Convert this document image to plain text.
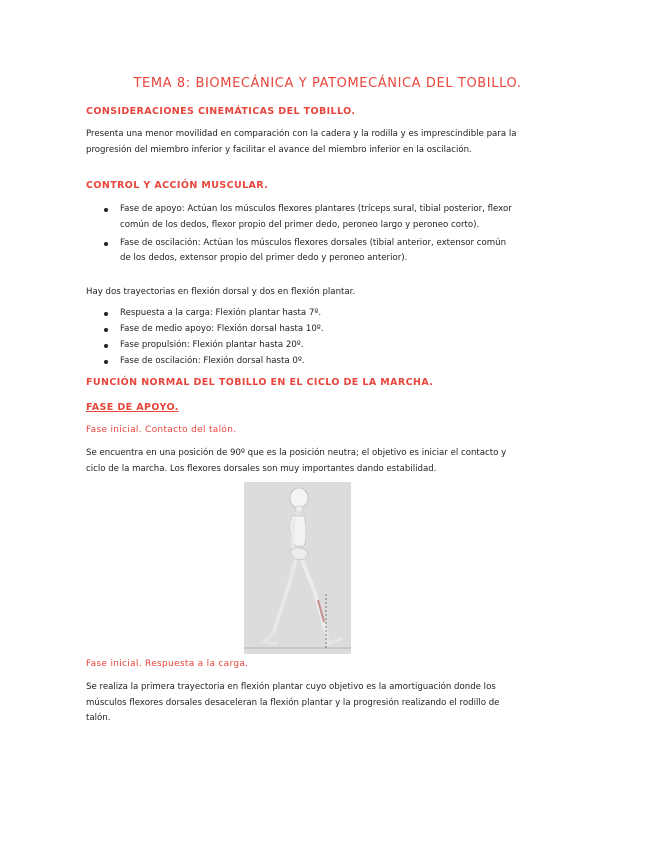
TEMA 8: BIOMECÁNICA Y PATOMECÁNICA DEL TOBILLO.
CONSIDERACIONES CINEMÁTICAS DEL TOBILLO.

Presenta una menor movilidad en comparación con la cadera y la rodilla y es imprescindible para la progresión del miembro inferior y facilitar el avance del miembro inferior en la oscilación.

CONTROL Y ACCIÓN MUSCULAR.
Fase de apoyo: Actúan los músculos flexores plantares (tríceps sural, tibial posterior, flexor común de los dedos, flexor propio del primer dedo, peroneo largo y peroneo corto).
Fase de oscilación: Actúan los músculos flexores dorsales (tibial anterior, extensor común de los dedos, extensor propio del primer dedo y peroneo anterior).

Hay dos trayectorias en flexión dorsal y dos en flexión plantar.

Respuesta a la carga: Flexión plantar hasta 7º.
Fase de medio apoyo: Flexión dorsal hasta 10º.
Fase propulsión: Flexión plantar hasta 20º.
Fase de oscilación: Flexión dorsal hasta 0º.
FUNCIÓN NORMAL DEL TOBILLO EN EL CICLO DE LA MARCHA.
FASE DE APOYO.
Fase inicial. Contacto del talón.

Se encuentra en una posición de 90º que es la posición neutra; el objetivo es iniciar el contacto y ciclo de la marcha. Los flexores dorsales son muy importantes dando estabilidad.

Fase inicial. Respuesta a la carga.

Se realiza la primera trayectoria en flexión plantar cuyo objetivo es la amortiguación donde los músculos flexores dorsales desaceleran la flexión plantar y la progresión realizando el rodillo de talón.
